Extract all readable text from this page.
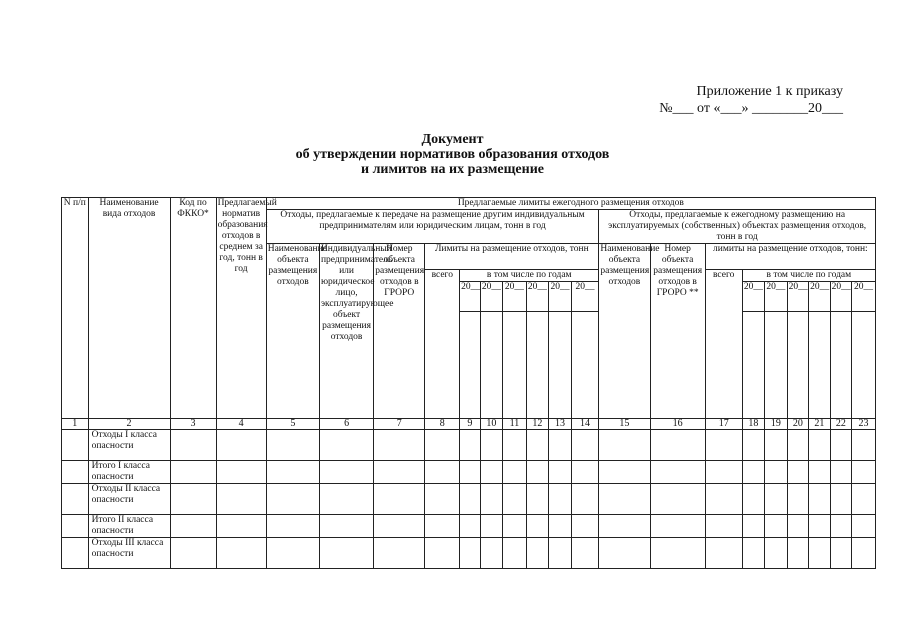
Приложение 1 к приказу
№___ от «___» ________20___
Документ
об утверждении нормативов образования отходов
и лимитов на их размещение
N п/п	Наименование вида отходов	Код по ФККО*	Предлагаемый норматив образования отходов в среднем за год, тонн в год	Предлагаемые лимиты ежегодного размещения отходов																		
				Отходы, предлагаемые к передаче на размещение другим индивидуальным предпринимателям или юридическим лицам, тонн в год										Отходы, предлагаемые к ежегодному размещению на эксплуатируемых (собственных) объектах размещения отходов, тонн в год								
				Наименование объекта размещения отходов	Индивидуальный предприниматель или юридическое лицо, эксплуатирующее объект размещения отходов	Номер объекта размещения отходов в ГРОРО	Лимиты на размещение отходов, тонн							Наименование объекта размещения отходов	Номер объекта размещения отходов в ГРОРО **	лимиты на размещение отходов, тонн:						
							всего	в том числе по годам								всего	в том числе по годам					
								20__	20__	20__	20__	20__	20__				20__	20__	20__	20__	20__	20__

1	2	3	4	5	6	7	8	9	10	11	12	13	14	15	16	17	18	19	20	21	22	23
	Отходы I класса опасности																					
	Итого I класса опасности																					
	Отходы II класса опасности																					
	Итого II класса опасности																					
	Отходы III класса опасности																					
